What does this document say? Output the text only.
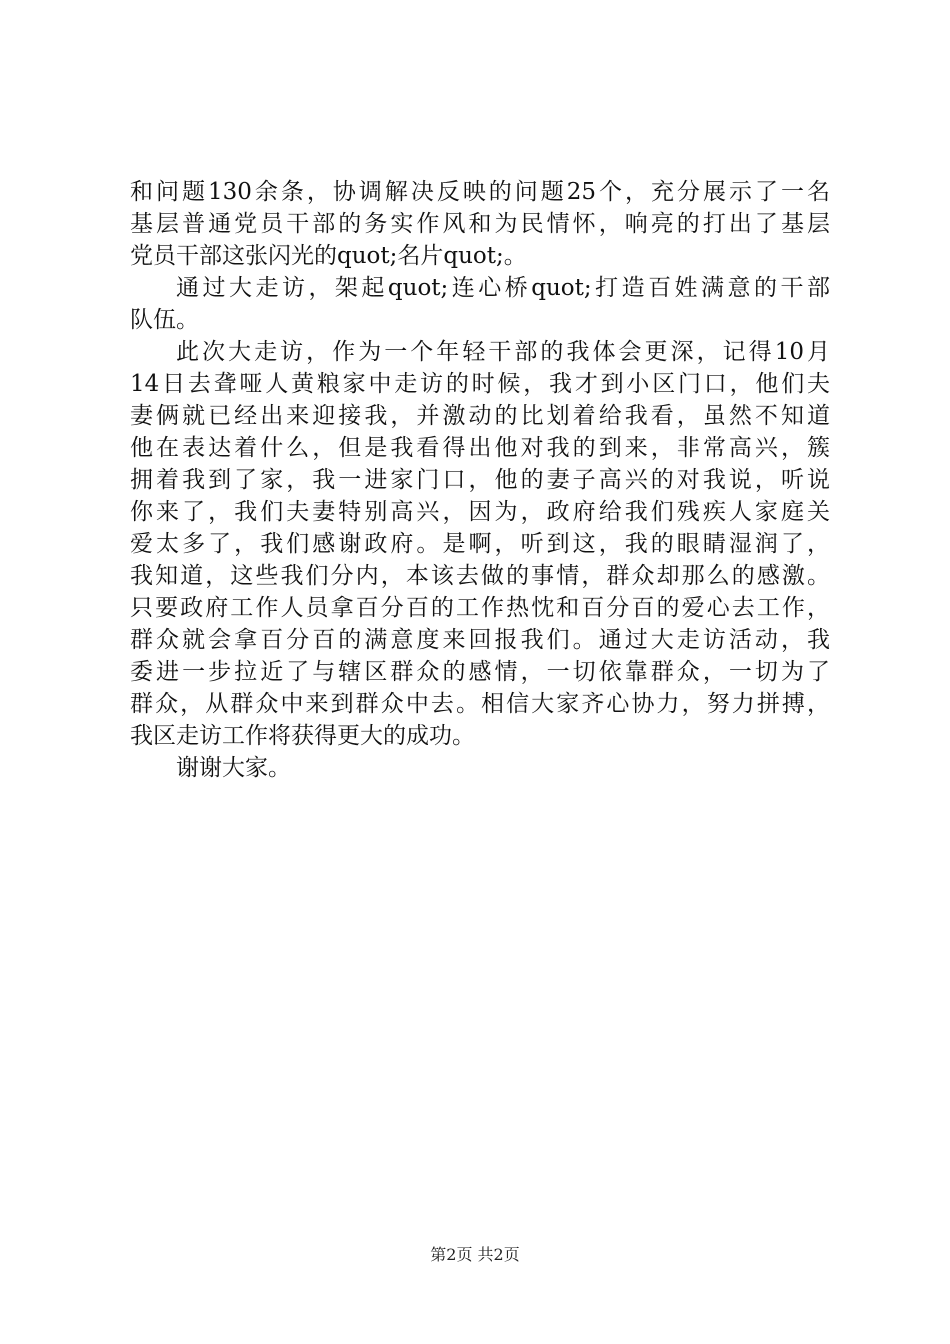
和问题130余条，协调解决反映的问题25个，充分展示了一名
基层普通党员干部的务实作风和为民情怀，响亮的打出了基层
党员干部这张闪光的quot;名片quot;。
通过大走访，架起quot;连心桥quot;打造百姓满意的干部
队伍。
此次大走访，作为一个年轻干部的我体会更深，记得10月
14日去聋哑人黄粮家中走访的时候，我才到小区门口，他们夫
妻俩就已经出来迎接我，并激动的比划着给我看，虽然不知道
他在表达着什么，但是我看得出他对我的到来，非常高兴，簇
拥着我到了家，我一进家门口，他的妻子高兴的对我说，听说
你来了，我们夫妻特别高兴，因为，政府给我们残疾人家庭关
爱太多了，我们感谢政府。是啊，听到这，我的眼睛湿润了，
我知道，这些我们分内，本该去做的事情，群众却那么的感激。
只要政府工作人员拿百分百的工作热忱和百分百的爱心去工作，
群众就会拿百分百的满意度来回报我们。通过大走访活动，我
委进一步拉近了与辖区群众的感情，一切依靠群众，一切为了
群众，从群众中来到群众中去。相信大家齐心协力，努力拼搏，
我区走访工作将获得更大的成功。
谢谢大家。
第2页 共2页
